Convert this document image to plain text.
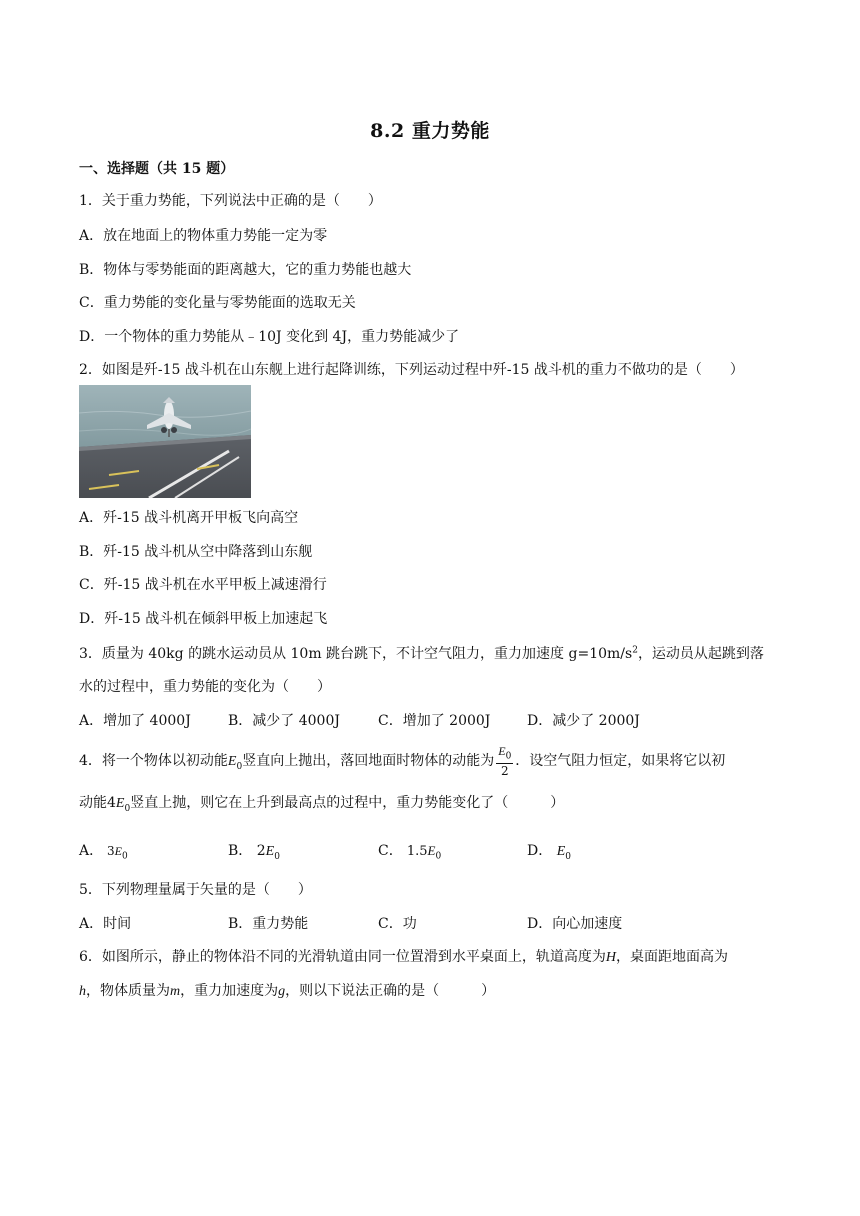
8.2 重力势能
一、选择题（共 15 题）
1．关于重力势能，下列说法中正确的是（　　）
A．放在地面上的物体重力势能一定为零
B．物体与零势能面的距离越大，它的重力势能也越大
C．重力势能的变化量与零势能面的选取无关
D．一个物体的重力势能从﹣10J 变化到 4J，重力势能减少了
2．如图是歼-15 战斗机在山东舰上进行起降训练，下列运动过程中歼-15 战斗机的重力不做功的是（　　）
A．歼-15 战斗机离开甲板飞向高空
B．歼-15 战斗机从空中降落到山东舰
C．歼-15 战斗机在水平甲板上减速滑行
D．歼-15 战斗机在倾斜甲板上加速起飞
3．质量为 40kg 的跳水运动员从 10m 跳台跳下，不计空气阻力，重力加速度 $g=10m/s^2$，运动员从起跳到落
水的过程中，重力势能的变化为（　　）
A．增加了 4000J	B．减少了 4000J	C．增加了 2000J	D．减少了 2000J
4．将一个物体以初动能$E_0$竖直向上抛出，落回地面时物体的动能为 $\frac{E_0}{2}$ ．设空气阻力恒定，如果将它以初
动能$4E_0$竖直上抛，则它在上升到最高点的过程中，重力势能变化了（　　　）
A． $3E_0$	B． $2E_0$	C． $1.5E_0$	D． $E_0$
5．下列物理量属于矢量的是（　　）
A．时间	B．重力势能	C．功	D．向心加速度
6．如图所示，静止的物体沿不同的光滑轨道由同一位置滑到水平桌面上，轨道高度为H，桌面距地面高为
h，物体质量为m，重力加速度为g，则以下说法正确的是（　　　）
